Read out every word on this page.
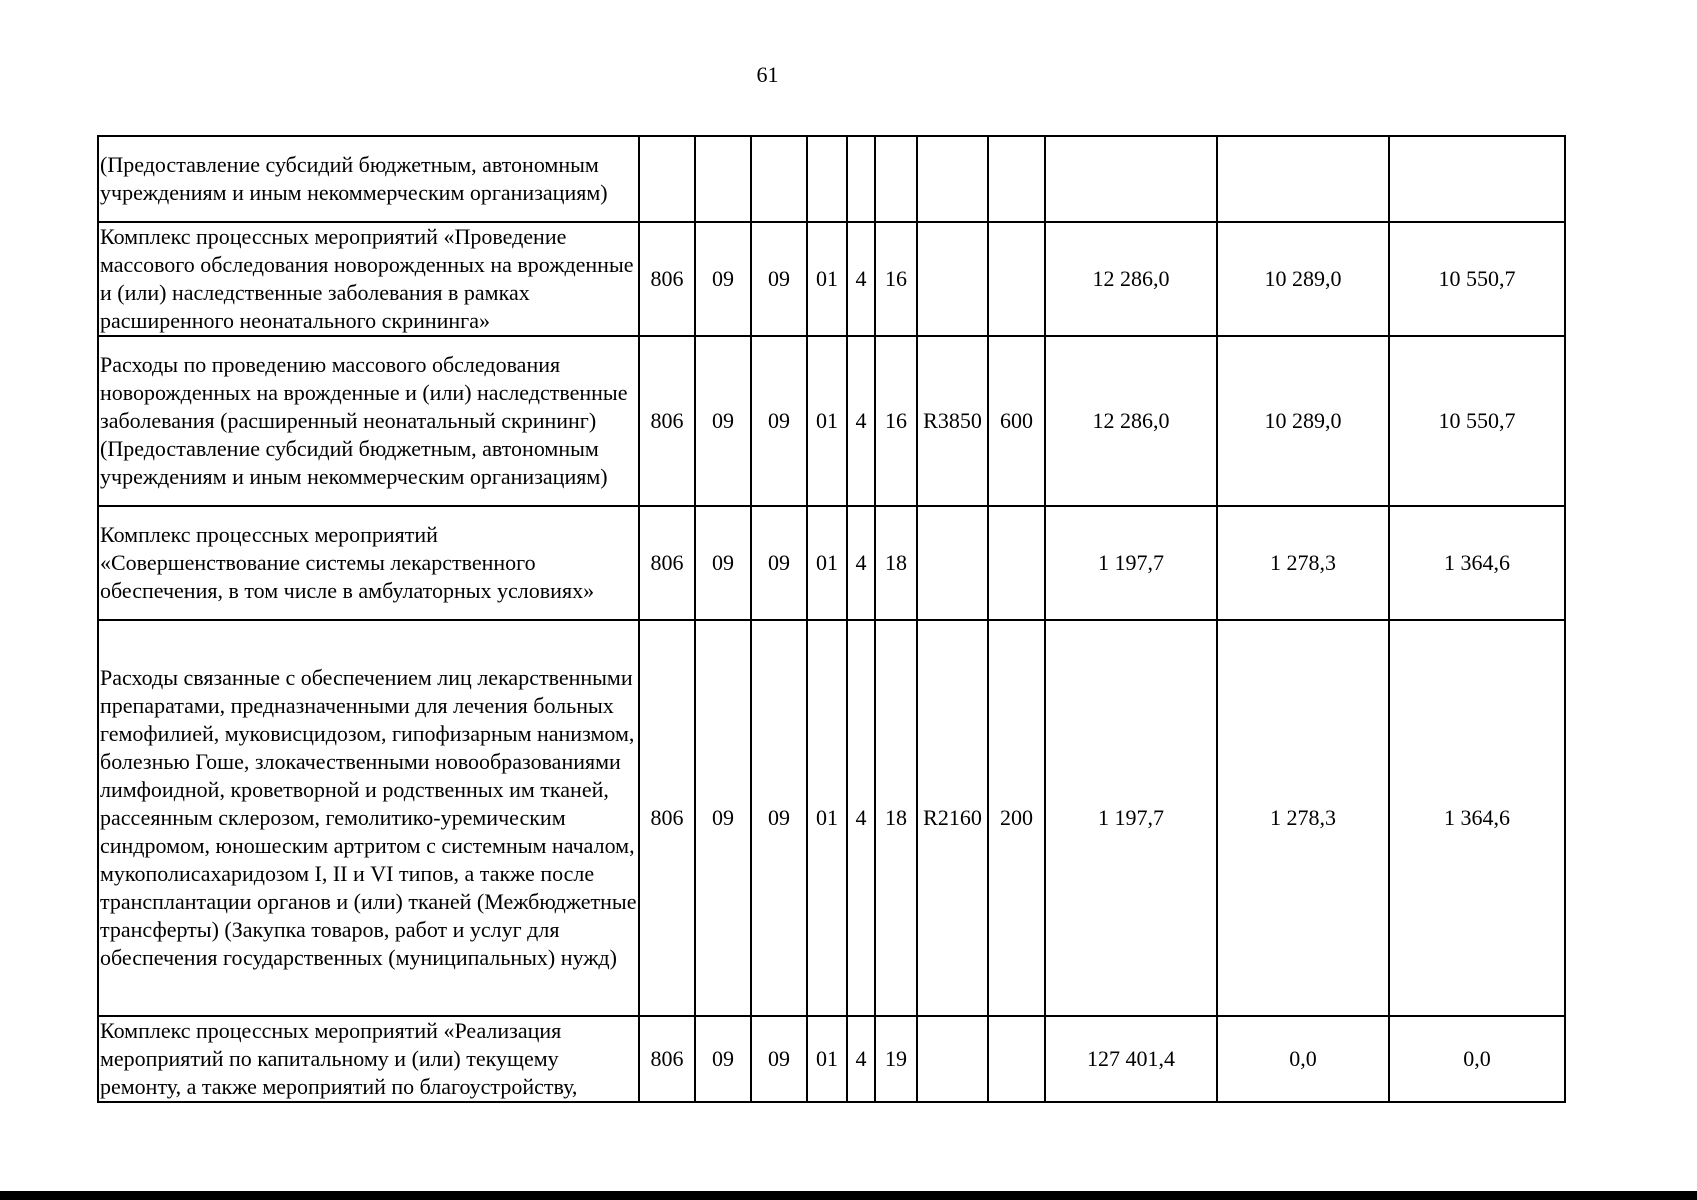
61
(Предоставление субсидий бюджетным, автономным учреждениям и иным некоммерческим организациям)											
Комплекс процессных мероприятий «Проведение массового обследования новорожденных на врожденные и (или) наследственные заболевания в рамках расширенного неонатального скрининга»	806	09	09	01	4	16			12 286,0	10 289,0	10 550,7
Расходы по проведению массового обследования новорожденных на врожденные и (или) наследственные заболевания (расширенный неонатальный скрининг) (Предоставление субсидий бюджетным, автономным учреждениям и иным некоммерческим организациям)	806	09	09	01	4	16	R3850	600	12 286,0	10 289,0	10 550,7
Комплекс процессных мероприятий «Совершенствование системы лекарственного обеспечения, в том числе в амбулаторных условиях»	806	09	09	01	4	18			1 197,7	1 278,3	1 364,6
Расходы связанные с обеспечением лиц лекарственными препаратами, предназначенными для лечения больных гемофилией, муковисцидозом, гипофизарным нанизмом, болезнью Гоше, злокачественными новообразованиями лимфоидной, кроветворной и родственных им тканей, рассеянным склерозом, гемолитико-уремическим синдромом, юношеским артритом с системным началом, мукополисахаридозом I, II и VI типов, а также после трансплантации органов и (или) тканей (Межбюджетные трансферты) (Закупка товаров, работ и услуг для обеспечения государственных (муниципальных) нужд)	806	09	09	01	4	18	R2160	200	1 197,7	1 278,3	1 364,6
Комплекс процессных мероприятий «Реализация мероприятий по капитальному и (или) текущему ремонту, а также мероприятий по благоустройству,	806	09	09	01	4	19			127 401,4	0,0	0,0
